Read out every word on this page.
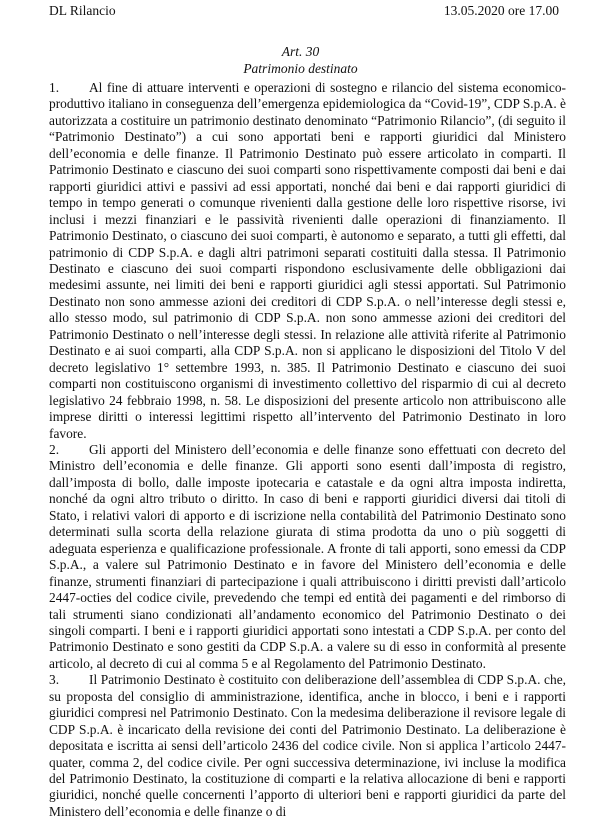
DL Rilancio	13.05.2020 ore 17.00
Art. 30
Patrimonio destinato

1. Al fine di attuare interventi e operazioni di sostegno e rilancio del sistema economico-produttivo italiano in conseguenza dell’emergenza epidemiologica da “Covid-19”, CDP S.p.A. è autorizzata a costituire un patrimonio destinato denominato “Patrimonio Rilancio”, (di seguito il “Patrimonio Destinato”) a cui sono apportati beni e rapporti giuridici dal Ministero dell’economia e delle finanze. Il Patrimonio Destinato può essere articolato in comparti. Il Patrimonio Destinato e ciascuno dei suoi comparti sono rispettivamente composti dai beni e dai rapporti giuridici attivi e passivi ad essi apportati, nonché dai beni e dai rapporti giuridici di tempo in tempo generati o comunque rivenienti dalla gestione delle loro rispettive risorse, ivi inclusi i mezzi finanziari e le passività rivenienti dalle operazioni di finanziamento. Il Patrimonio Destinato, o ciascuno dei suoi comparti, è autonomo e separato, a tutti gli effetti, dal patrimonio di CDP S.p.A. e dagli altri patrimoni separati costituiti dalla stessa. Il Patrimonio Destinato e ciascuno dei suoi comparti rispondono esclusivamente delle obbligazioni dai medesimi assunte, nei limiti dei beni e rapporti giuridici agli stessi apportati. Sul Patrimonio Destinato non sono ammesse azioni dei creditori di CDP S.p.A. o nell’interesse degli stessi e, allo stesso modo, sul patrimonio di CDP S.p.A. non sono ammesse azioni dei creditori del Patrimonio Destinato o nell’interesse degli stessi. In relazione alle attività riferite al Patrimonio Destinato e ai suoi comparti, alla CDP S.p.A. non si applicano le disposizioni del Titolo V del decreto legislativo 1° settembre 1993, n. 385. Il Patrimonio Destinato e ciascuno dei suoi comparti non costituiscono organismi di investimento collettivo del risparmio di cui al decreto legislativo 24 febbraio 1998, n. 58. Le disposizioni del presente articolo non attribuiscono alle imprese diritti o interessi legittimi rispetto all’intervento del Patrimonio Destinato in loro favore.

2. Gli apporti del Ministero dell’economia e delle finanze sono effettuati con decreto del Ministro dell’economia e delle finanze. Gli apporti sono esenti dall’imposta di registro, dall’imposta di bollo, dalle imposte ipotecaria e catastale e da ogni altra imposta indiretta, nonché da ogni altro tributo o diritto. In caso di beni e rapporti giuridici diversi dai titoli di Stato, i relativi valori di apporto e di iscrizione nella contabilità del Patrimonio Destinato sono determinati sulla scorta della relazione giurata di stima prodotta da uno o più soggetti di adeguata esperienza e qualificazione professionale. A fronte di tali apporti, sono emessi da CDP S.p.A., a valere sul Patrimonio Destinato e in favore del Ministero dell’economia e delle finanze, strumenti finanziari di partecipazione i quali attribuiscono i diritti previsti dall’articolo 2447-octies del codice civile, prevedendo che tempi ed entità dei pagamenti e del rimborso di tali strumenti siano condizionati all’andamento economico del Patrimonio Destinato o dei singoli comparti. I beni e i rapporti giuridici apportati sono intestati a CDP S.p.A. per conto del Patrimonio Destinato e sono gestiti da CDP S.p.A. a valere su di esso in conformità al presente articolo, al decreto di cui al comma 5 e al Regolamento del Patrimonio Destinato.

3. Il Patrimonio Destinato è costituito con deliberazione dell’assemblea di CDP S.p.A. che, su proposta del consiglio di amministrazione, identifica, anche in blocco, i beni e i rapporti giuridici compresi nel Patrimonio Destinato. Con la medesima deliberazione il revisore legale di CDP S.p.A. è incaricato della revisione dei conti del Patrimonio Destinato. La deliberazione è depositata e iscritta ai sensi dell’articolo 2436 del codice civile. Non si applica l’articolo 2447-quater, comma 2, del codice civile. Per ogni successiva determinazione, ivi incluse la modifica del Patrimonio Destinato, la costituzione di comparti e la relativa allocazione di beni e rapporti giuridici, nonché quelle concernenti l’apporto di ulteriori beni e rapporti giuridici da parte del Ministero dell’economia e delle finanze o di
